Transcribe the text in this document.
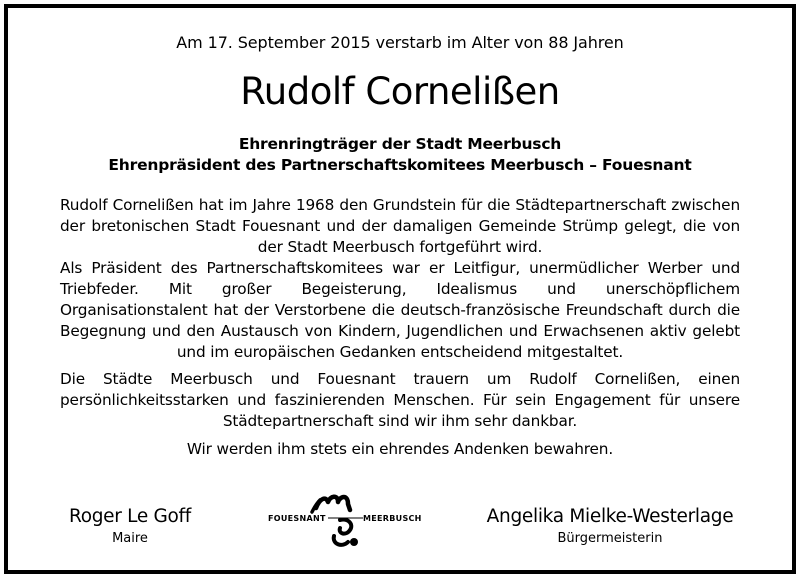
Am 17. September 2015 verstarb im Alter von 88 Jahren
Rudolf Cornelißen
Ehrenringträger der Stadt Meerbusch
Ehrenpräsident des Partnerschaftskomitees Meerbusch – Fouesnant
Rudolf Cornelißen hat im Jahre 1968 den Grundstein für die Städtepartnerschaft zwischen der bretonischen Stadt Fouesnant und der damaligen Gemeinde Strümp gelegt, die von der Stadt Meerbusch fortgeführt wird.
Als Präsident des Partnerschaftskomitees war er Leitfigur, unermüdlicher Werber und Triebfeder. Mit großer Begeisterung, Idealismus und unerschöpflichem Organisationstalent hat der Verstorbene die deutsch-französische Freundschaft durch die Begegnung und den Austausch von Kindern, Jugendlichen und Erwachsenen aktiv gelebt und im europäischen Gedanken entscheidend mitgestaltet.
Die Städte Meerbusch und Fouesnant trauern um Rudolf Cornelißen, einen persönlichkeitsstarken und faszinierenden Menschen. Für sein Engagement für unsere Städtepartnerschaft sind wir ihm sehr dankbar.
Wir werden ihm stets ein ehrendes Andenken bewahren.
Roger Le Goff
Maire
FOUESNANT	MEERBUSCH	Angelika Mielke-Westerlage
Bürgermeisterin
